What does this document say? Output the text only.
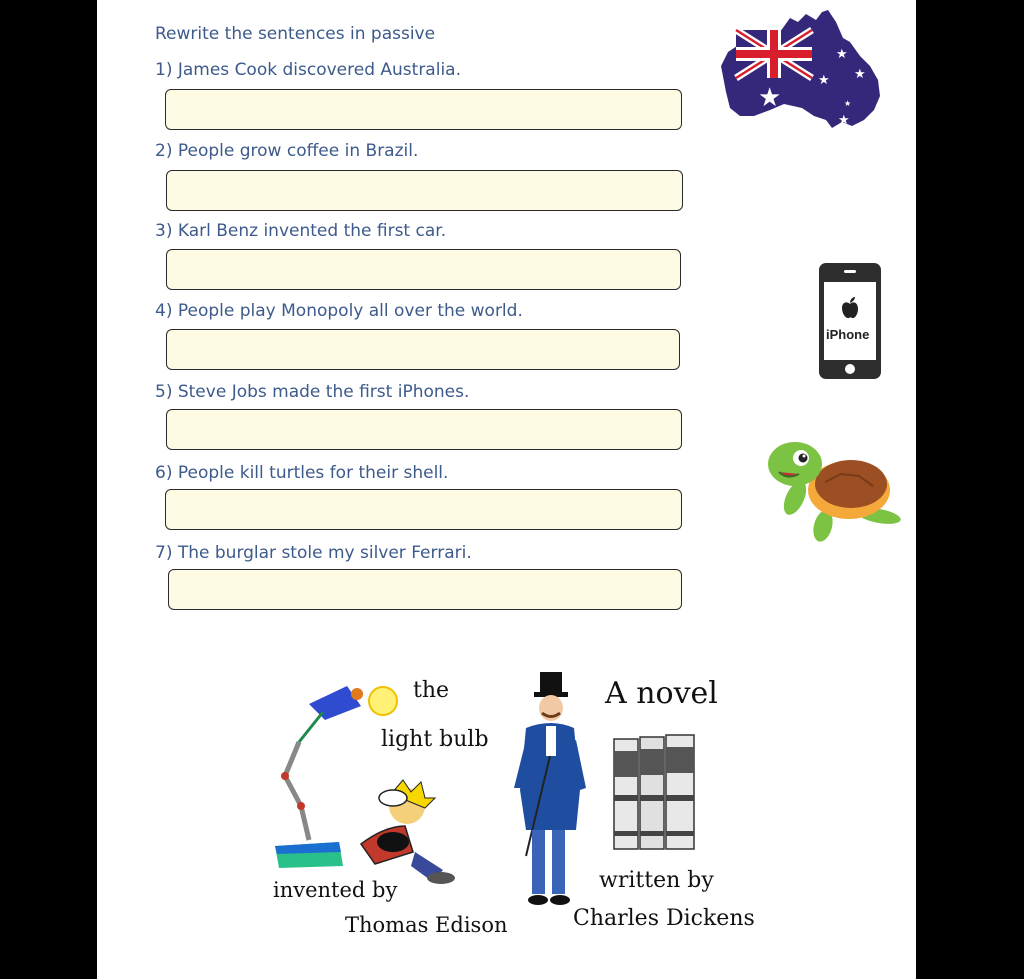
Rewrite the sentences in passive
1) James Cook discovered Australia.
2) People grow coffee in Brazil.
3) Karl Benz invented the first car.
4) People play Monopoly all over the world.
5) Steve Jobs made the first iPhones.
6) People kill turtles for their shell.
7) The burglar stole my silver Ferrari.
★
★
★
★
★
★
iPhone
the
light bulb
invented by
Thomas Edison
A novel
written by
Charles Dickens
